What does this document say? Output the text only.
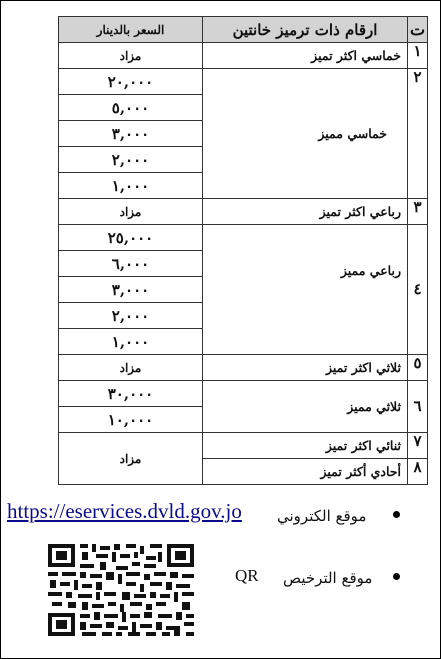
ت	ارقام ذات ترميز خانتين	السعر بالدينار
١	خماسي اكثر تميز	مزاد
٢	خماسي مميز	٢٠,٠٠٠
		٥,٠٠٠
		٣,٠٠٠
		٢,٠٠٠
		١,٠٠٠
٣	رباعي اكثر تميز	مزاد
٤	رباعي مميز	٢٥,٠٠٠
		٦,٠٠٠
		٣,٠٠٠
		٢,٠٠٠
		١,٠٠٠
٥	ثلاثي اكثر تميز	مزاد
٦	ثلاثي مميز	٣٠,٠٠٠
		١٠,٠٠٠
٧	ثنائي اكثر تميز	مزاد
٨	أحادي أكثر تميز	
https://eservices.dvld.gov.jo موقع الكتروني
QR موقع الترخيص
